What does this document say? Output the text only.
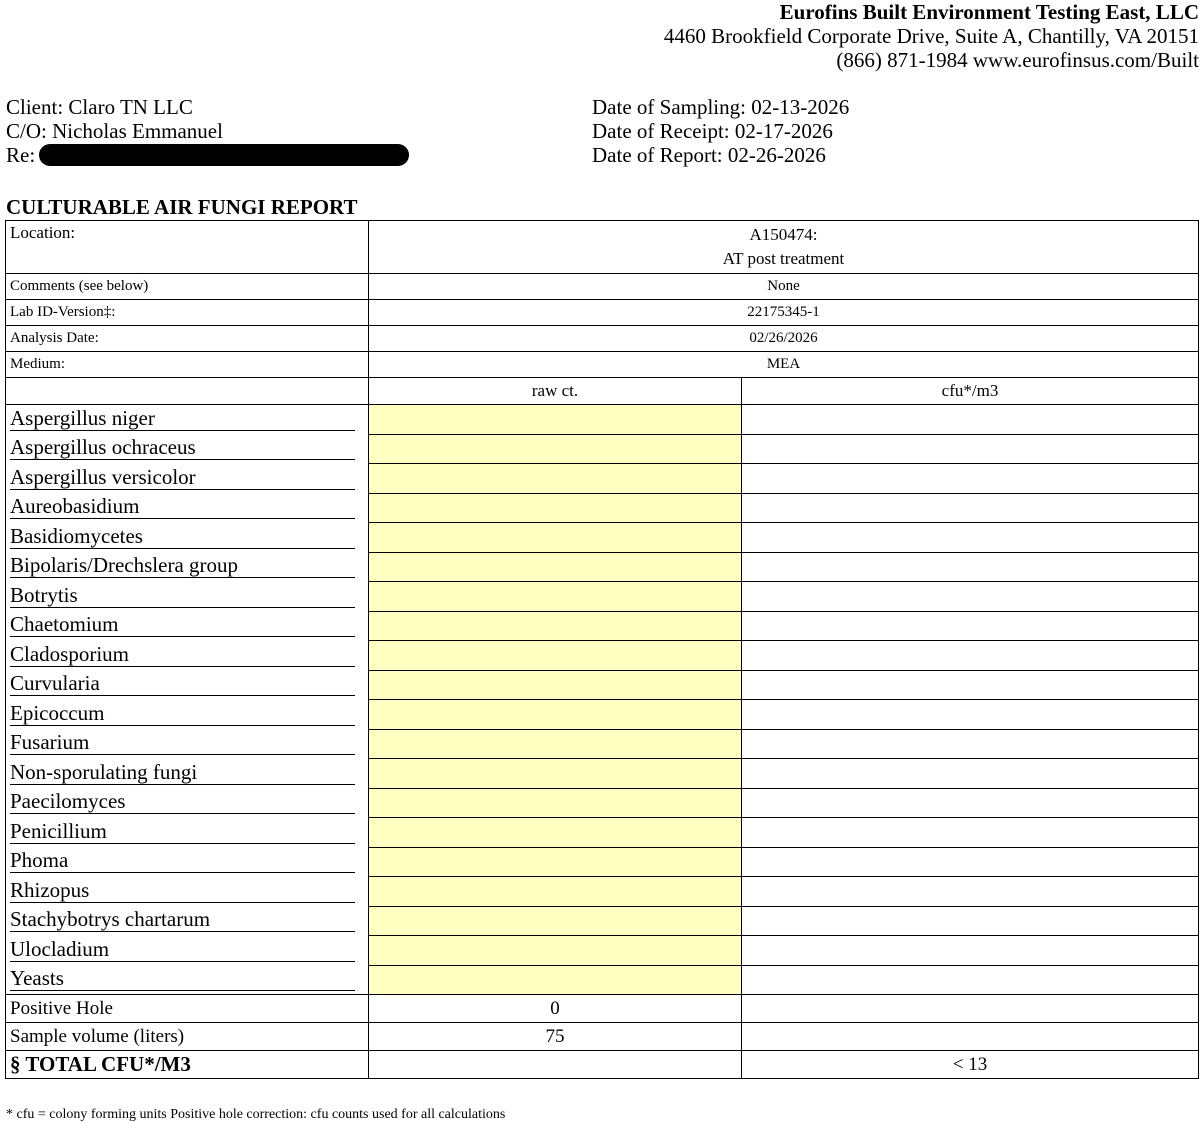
Eurofins Built Environment Testing East, LLC
4460 Brookfield Corporate Drive, Suite A, Chantilly, VA 20151
(866) 871-1984 www.eurofinsus.com/Built
Client: Claro TN LLC
C/O: Nicholas Emmanuel
Re:
Date of Sampling: 02-13-2026
Date of Receipt: 02-17-2026
Date of Report: 02-26-2026
CULTURABLE AIR FUNGI REPORT
Location:	A150474:
AT post treatment	

Comments (see below)	None	
Lab ID-Version‡:	22175345-1	
Analysis Date:	02/26/2026	
Medium:	MEA	
	raw ct.	cfu*/m3
Aspergillus niger		
Aspergillus ochraceus		
Aspergillus versicolor		
Aureobasidium		
Basidiomycetes		
Bipolaris/Drechslera group		
Botrytis		
Chaetomium		
Cladosporium		
Curvularia		
Epicoccum		
Fusarium		
Non-sporulating fungi		
Paecilomyces		
Penicillium		
Phoma		
Rhizopus		
Stachybotrys chartarum		
Ulocladium		
Yeasts		
Positive Hole	0	
Sample volume (liters)	75	
§ TOTAL CFU*/M3		< 13
* cfu = colony forming units Positive hole correction: cfu counts used for all calculations
